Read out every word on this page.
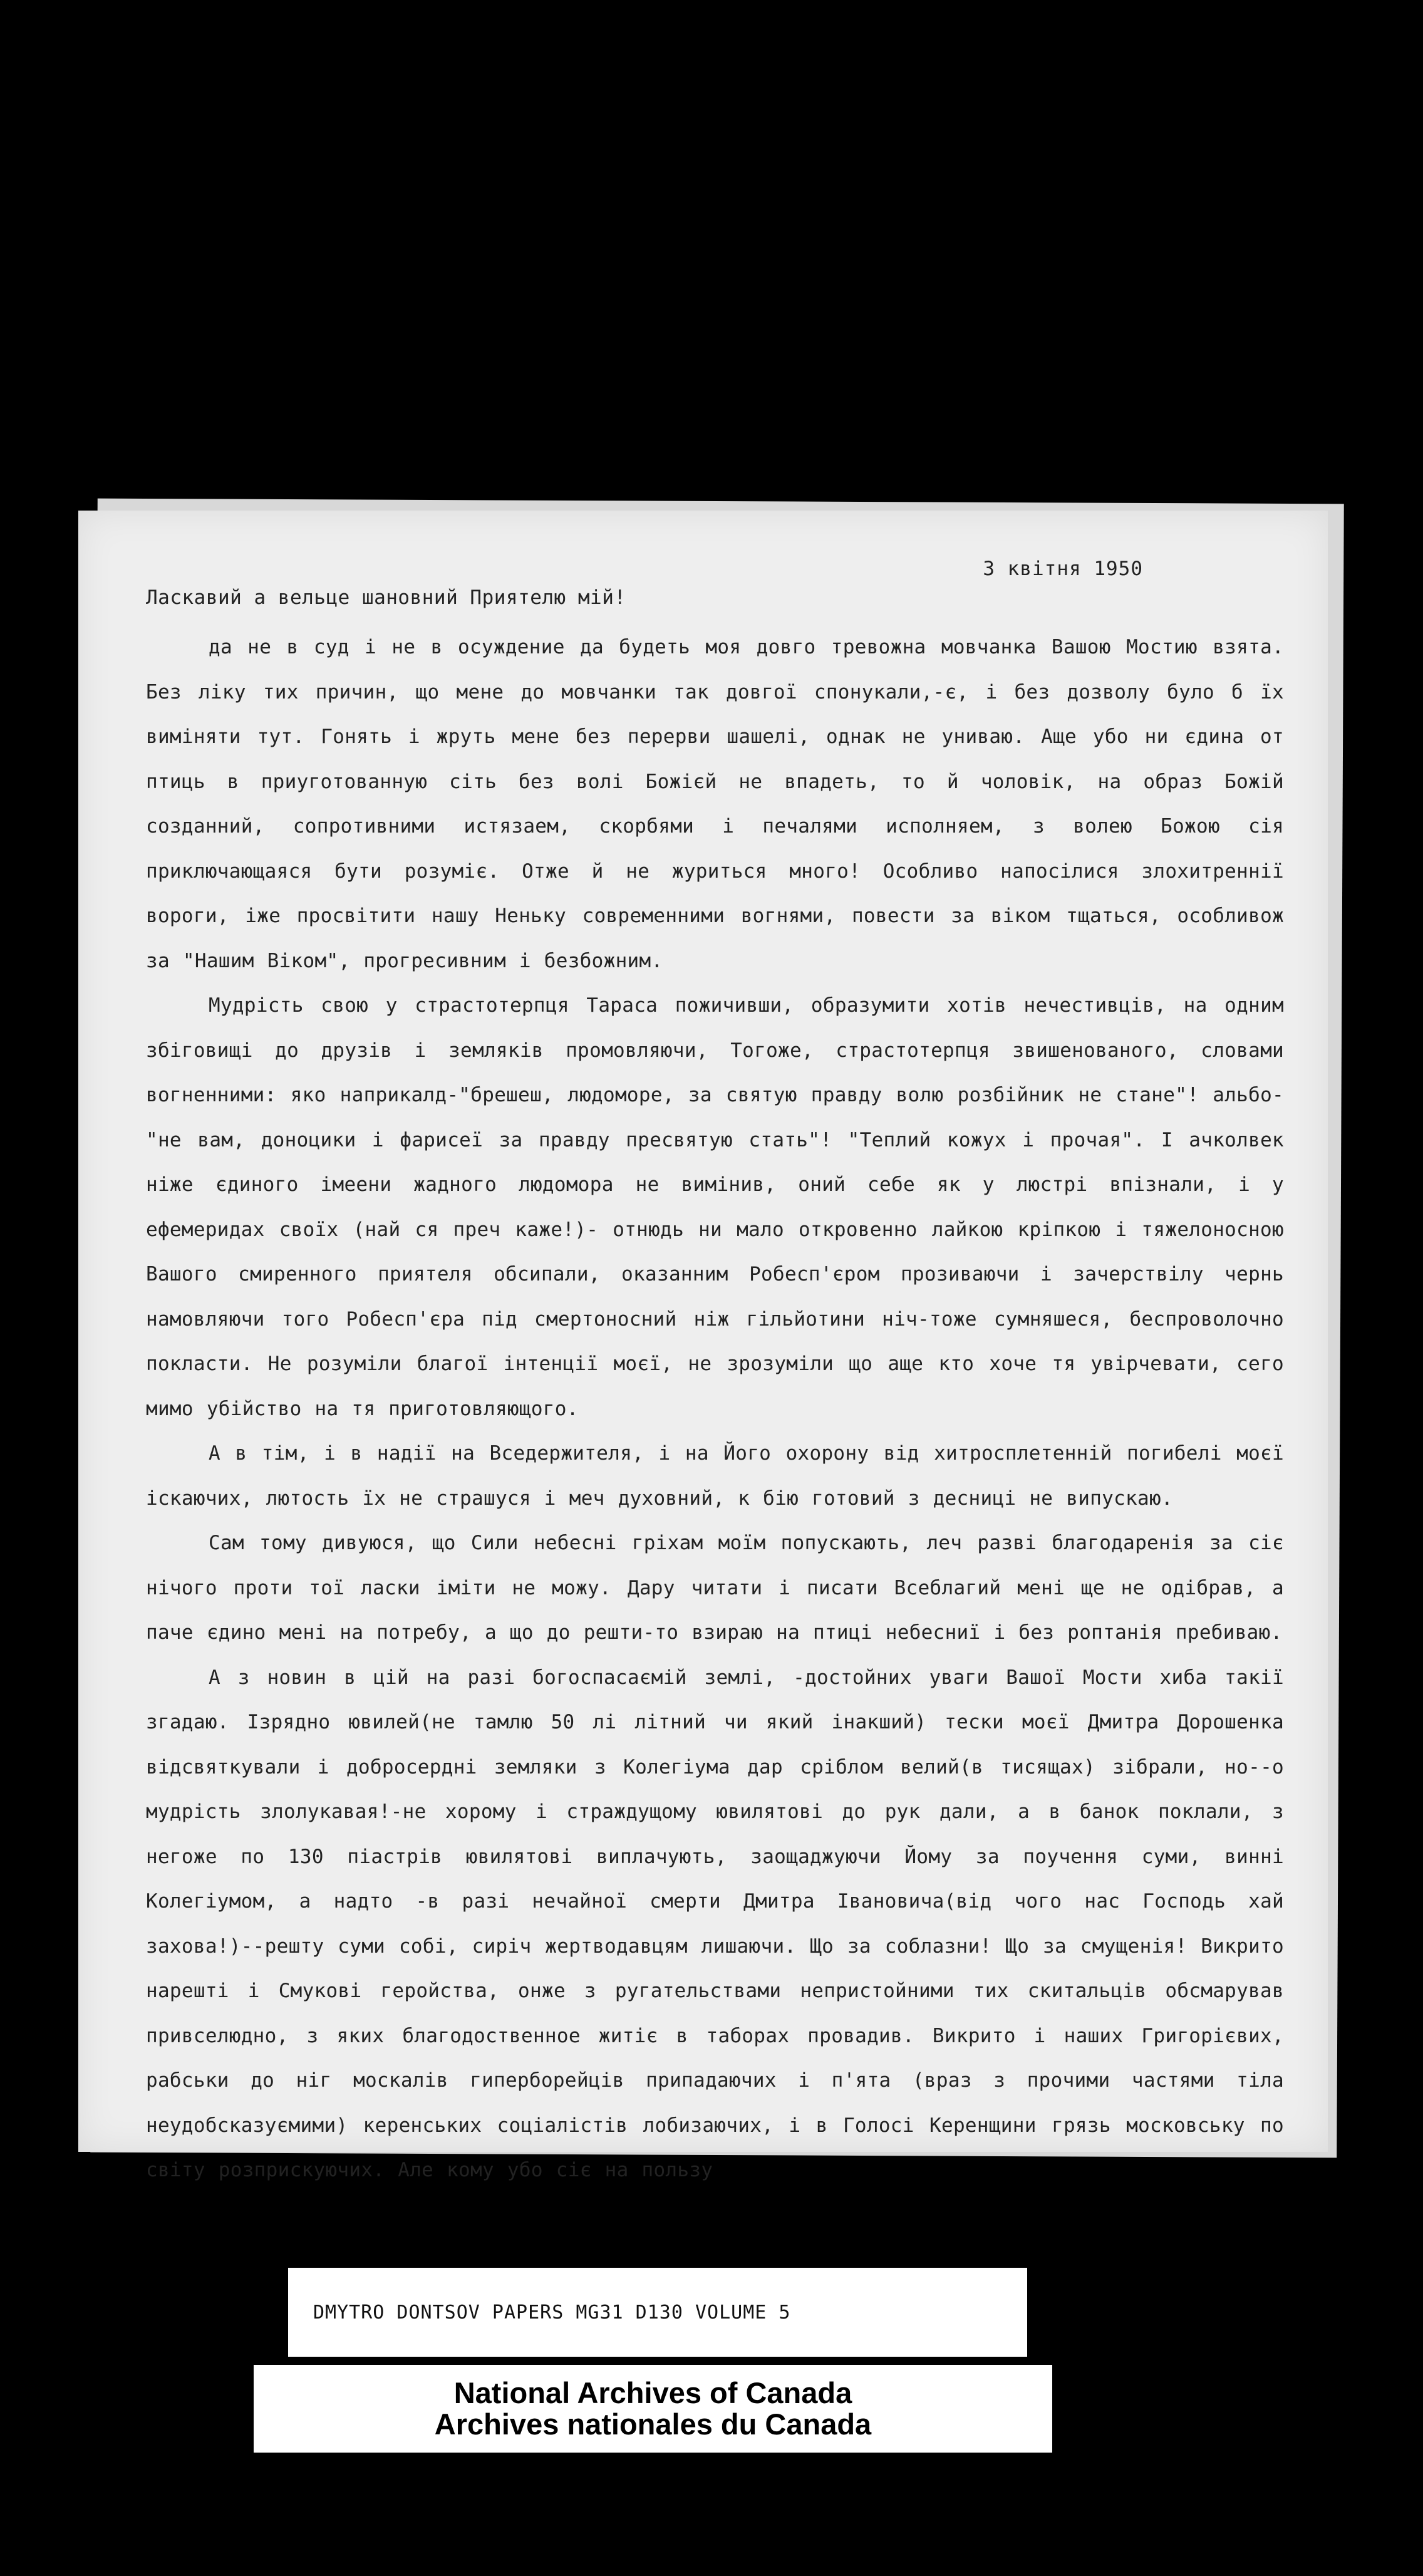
3 квітня 1950
Ласкавий а вельце шановний Приятелю мій!

да не в суд і не в осуждение да будеть моя довго тревожна мовчанка Вашою Мостию взята. Без ліку тих причин, що мене до мовчанки так довгої спонукали,-є, і без дозволу було б їх виміняти тут. Гонять і жруть мене без перерви шашелі, однак не униваю. Аще убо ни єдина от птиць в приуготованную сіть без волі Божієй не впадеть, то й чоловік, на образ Божій созданний, сопротивними истязаем, скорбями і печалями исполняем, з волею Божою сія приключающаяся бути розуміє. Отже й не журиться много! Особливо напосілися злохитреннії вороги, іже просвітити нашу Неньку современними вогнями, повести за віком тщаться, особливож за "Нашим Віком", прогресивним і безбожним.

Мудрість свою у страстотерпця Тараса пожичивши, образумити хотів нечестивців, на одним збіговищі до друзів і земляків промовляючи, Тогоже, страстотерпця звишенованого, словами вогненними: яко наприкалд-"брешеш, людоморе, за святую правду волю розбійник не стане"! альбо-"не вам, доноцики і фарисеї за правду пресвятую стать"! "Теплий кожух і прочая". І ачколвек ніже єдиного імеени жадного людомора не вимінив, оний себе як у люстрі впізнали, і у ефемеридах своїх (най ся преч каже!)- отнюдь ни мало откровенно лайкою кріпкою і тяжелоносною Вашого смиренного приятеля обсипали, оказанним Робесп'єром прозиваючи і зачерствілу чернь намовляючи того Робесп'єра під смертоносний ніж гільйотини ніч-тоже сумняшеся, беспроволочно покласти. Не розуміли благої інтенції моєї, не зрозуміли що аще кто хоче тя увірчевати, сего мимо убійство на тя приготовляющого.

А в тім, і в надії на Вседержителя, і на Його охорону від хитросплетенній погибелі моєї іскаючих, лютость їх не страшуся і меч духовний, к бію готовий з десниці не випускаю.

Сам тому дивуюся, що Сили небесні гріхам моїм попускають, леч разві благодаренія за сіє нічого проти тої ласки іміти не можу. Дару читати і писати Всеблагий мені ще не одібрав, а паче єдино мені на потребу, а що до решти-то взираю на птиці небесниї і без роптанія пребиваю.

А з новин в цій на разі богоспасаємій землі, -достойних уваги Вашої Мости хиба такії згадаю. Ізрядно ювилей(не тамлю 50 лі літний чи який інакший) тески моєї Дмитра Дорошенка відсвяткували і добросердні земляки з Колегіума дар сріблом велий(в тисящах) зібрали, но--о мудрість злолукавая!-не хорому і страждущому ювилятові до рук дали, а в банок поклали, з негоже по 130 піастрів ювилятові виплачують, заощаджуючи Йому за поучення суми, винні Колегіумом, а надто -в разі нечайної смерти Дмитра Івановича(від чого нас Господь хай захова!)--решту суми собі, сиріч жертводавцям лишаючи. Що за соблазни! Що за смущенія! Викрито нарешті і Смукові геройства, онже з ругательствами непристойними тих скитальців обсмарував привселюдно, з яких благодоственное житіє в таборах провадив. Викрито і наших Григорієвих, рабськи до ніг москалів гиперборейців припадаючих і п'ята (враз з прочими частями тіла неудобсказуємими) керенських соціалістів лобизаючих, і в Голосі Керенщини грязь московську по світу розприскуючих. Але кому убо сіє на пользу

DMYTRO DONTSOV PAPERS MG31 D130 VOLUME 5
National Archives of Canada
Archives nationales du Canada
